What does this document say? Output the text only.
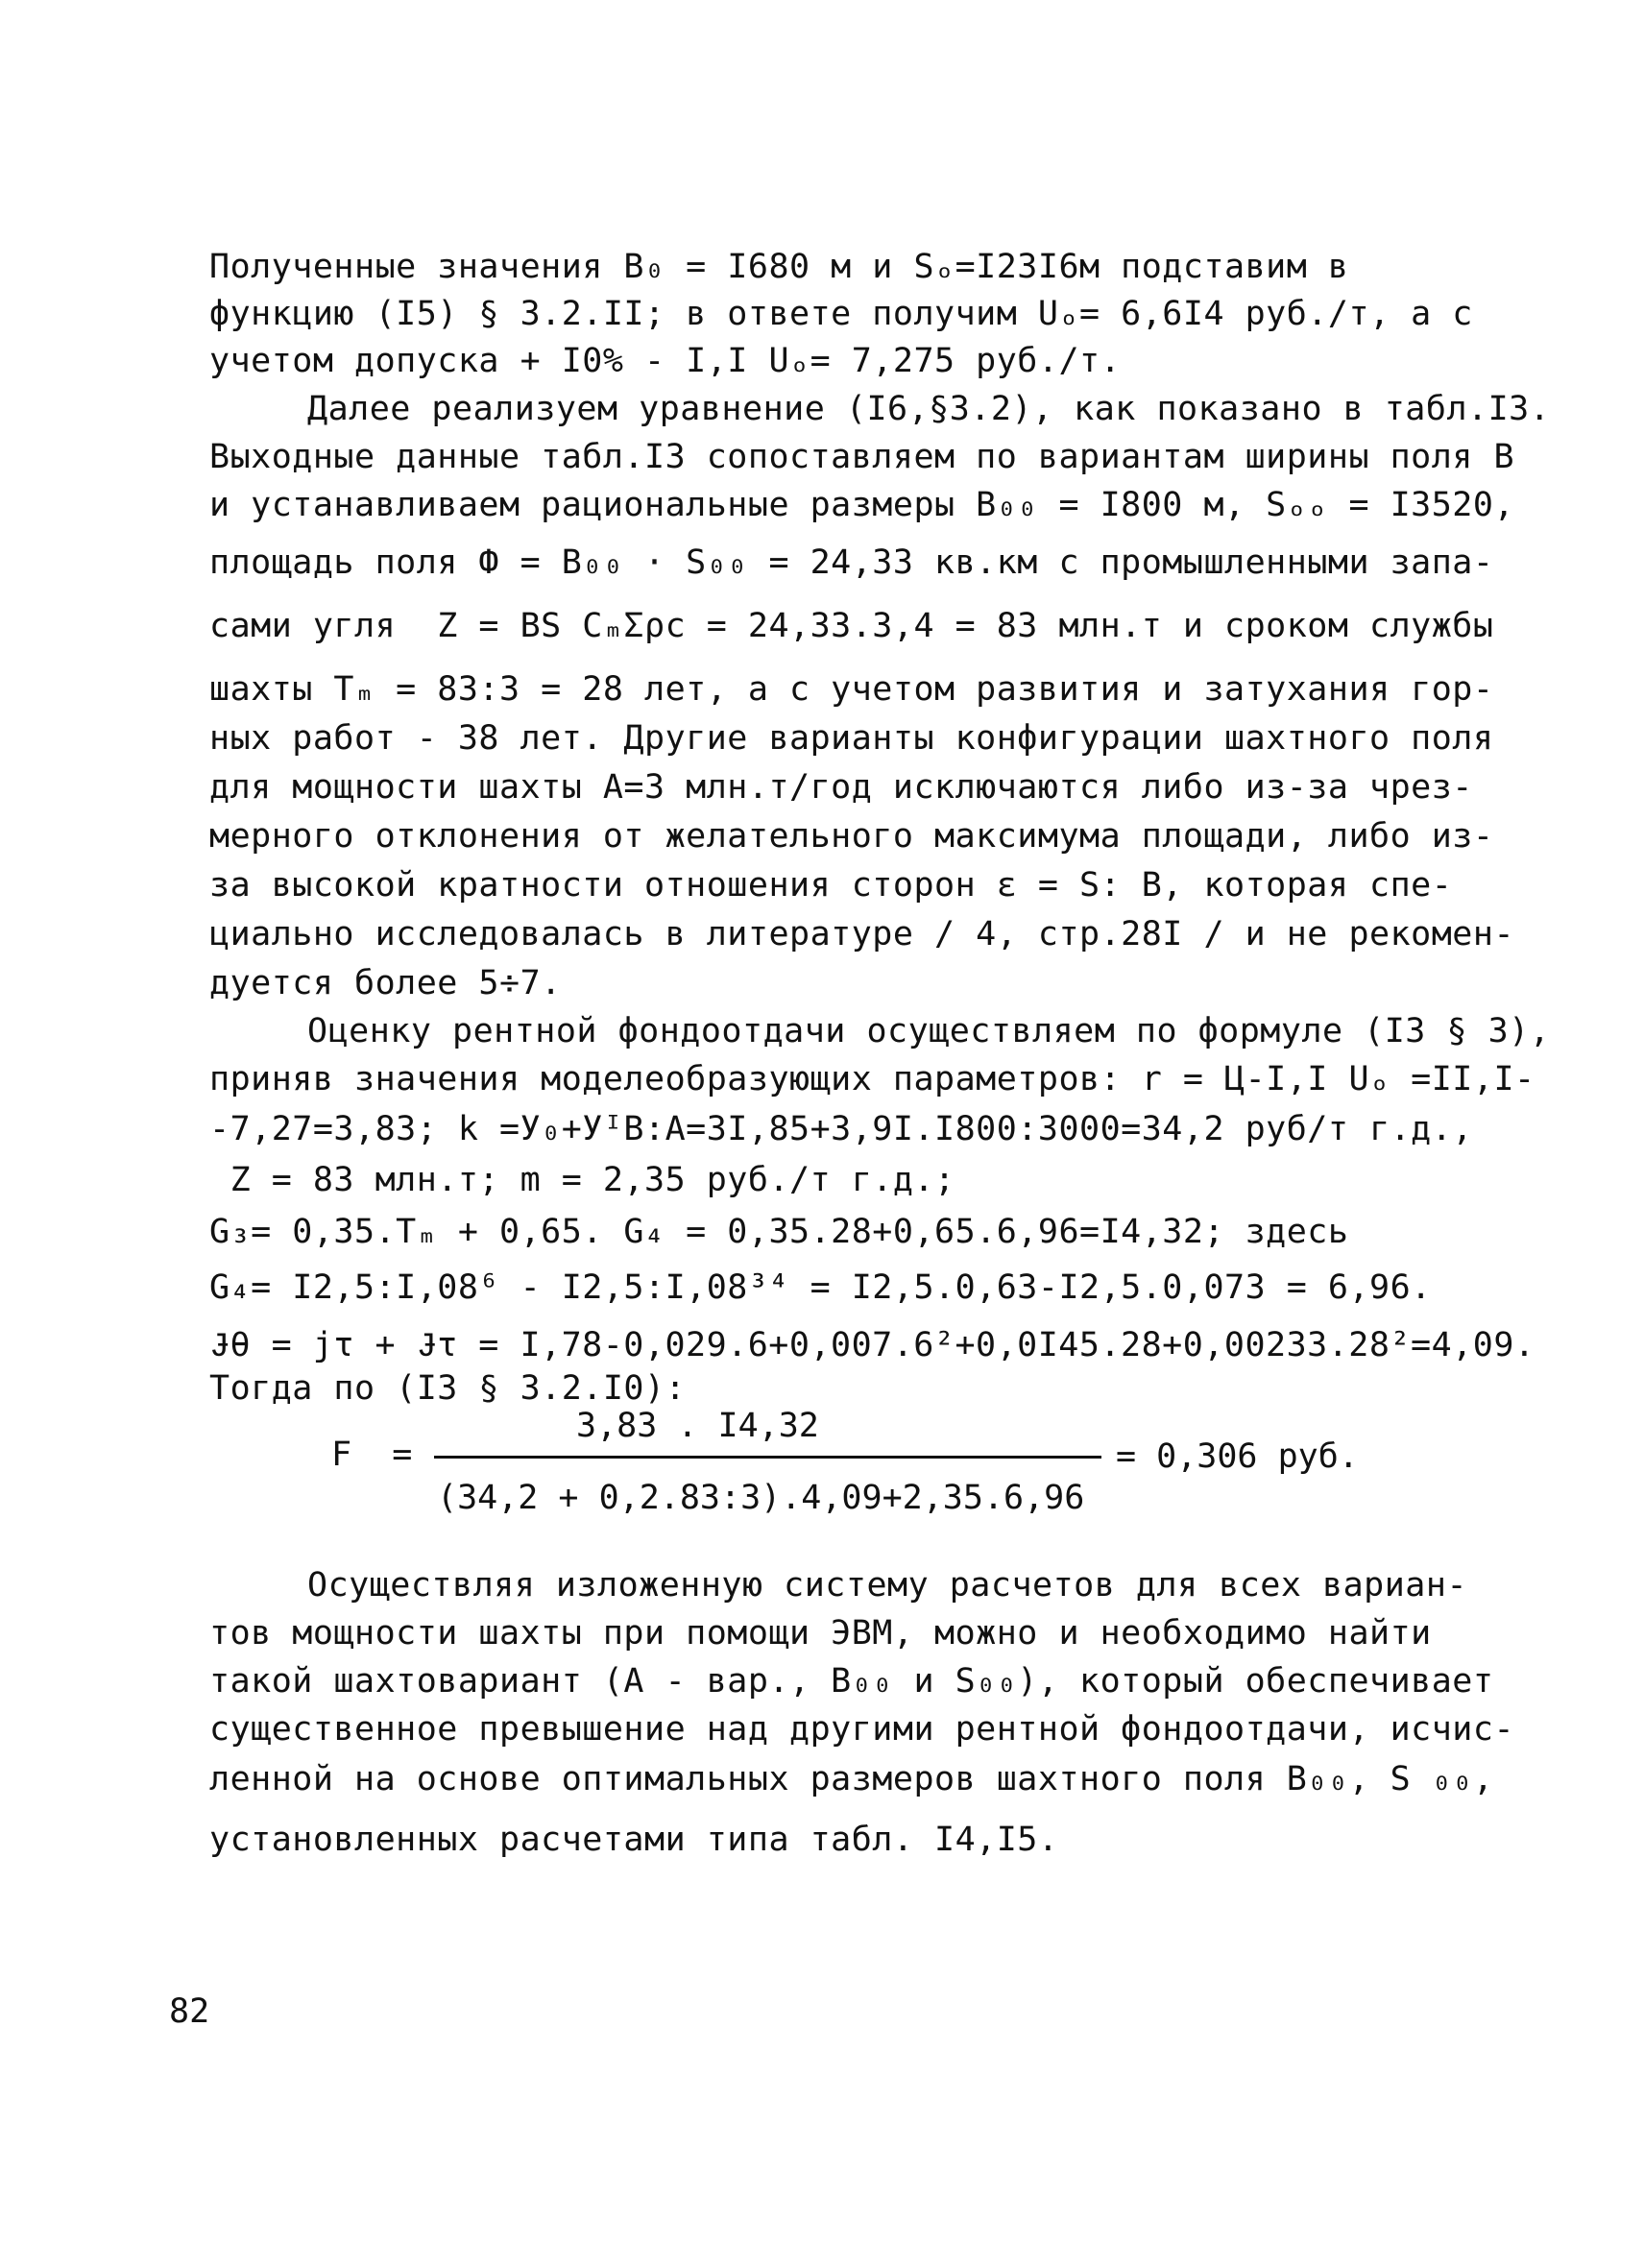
Полученные значения B₀ = I680 м и Sₒ=I23I6м подставим в

функцию (I5) § 3.2.II; в ответе получим Uₒ= 6,6I4 руб./т, а с

учетом допуска + I0% - I,I Uₒ= 7,275 руб./т.

Далее реализуем уравнение (I6,§3.2), как показано в табл.I3.

Выходные данные табл.I3 сопоставляем по вариантам ширины поля B

и устанавливаем рациональные размеры B₀₀ = I800 м, Sₒₒ = I3520,

площадь поля Ф = B₀₀ · S₀₀ = 24,33 кв.км с промышленными запа-

сами угля  Z = BS CₘΣρc = 24,33.3,4 = 83 млн.т и сроком службы

шахты Tₘ = 83:3 = 28 лет, а с учетом развития и затухания гор-

ных работ - 38 лет. Другие варианты конфигурации шахтного поля

для мощности шахты A=3 млн.т/год исключаются либо из-за чрез-

мерного отклонения от желательного максимума площади, либо из-

за высокой кратности отношения сторон ε = S: B, которая спе-

циально исследовалась в литературе / 4, стр.28I / и не рекомен-

дуется более 5÷7.

Оценку рентной фондоотдачи осуществляем по формуле (I3 § 3),

приняв значения моделеобразующих параметров: r = Ц-I,I Uₒ =II,I-

-7,27=3,83; k =У₀+УᴵB:A=3I,85+3,9I.I800:3000=34,2 руб/т г.д.,

Z = 83 млн.т; m = 2,35 руб./т г.д.;

G₃= 0,35.Tₘ + 0,65. G₄ = 0,35.28+0,65.6,96=I4,32; здесь

G₄= I2,5:I,08⁶ - I2,5:I,08³⁴ = I2,5.0,63-I2,5.0,073 = 6,96.

Ɉθ = jτ + Ɉτ = I,78-0,029.6+0,007.6²+0,0I45.28+0,00233.28²=4,09.

Тогда по (I3 § 3.2.I0):

Осуществляя изложенную систему расчетов для всех вариан-

тов мощности шахты при помощи ЭВМ, можно и необходимо найти

такой шахтовариант (A - вар., B₀₀ и S₀₀), который обеспечивает

существенное превышение над другими рентной фондоотдачи, исчис-

ленной на основе оптимальных размеров шахтного поля B₀₀, S ₀₀,

установленных расчетами типа табл. I4,I5.

F  =
3,83 . I4,32
(34,2 + 0,2.83:3).4,09+2,35.6,96
= 0,306 руб.
82
